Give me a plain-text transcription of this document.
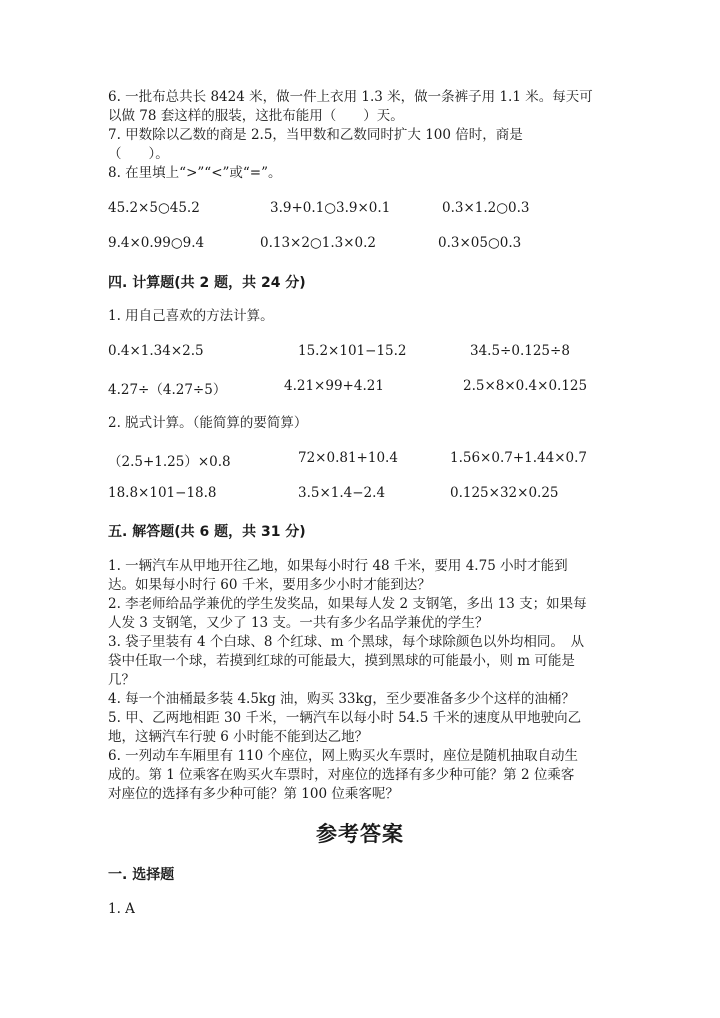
6. 一批布总共长 8424 米，做一件上衣用 1.3 米，做一条裤子用 1.1 米。每天可
以做 78 套这样的服装，这批布能用（　　）天。
7. 甲数除以乙数的商是 2.5，当甲数和乙数同时扩大 100 倍时，商是
（　　）。
8. 在里填上“>”“<”或“=”。
45.2×5○45.2	3.9+0.1○3.9×0.1	0.3×1.2○0.3
9.4×0.99○9.4	0.13×2○1.3×0.2	0.3×05○0.3
四. 计算题(共 2 题，共 24 分)
1. 用自己喜欢的方法计算。
0.4×1.34×2.5	15.2×101−15.2	34.5÷0.125÷8
4.27÷（4.27÷5）	4.21×99+4.21	2.5×8×0.4×0.125
2. 脱式计算。（能简算的要简算）
（2.5+1.25）×0.8	72×0.81+10.4	1.56×0.7+1.44×0.7
18.8×101−18.8	3.5×1.4−2.4	0.125×32×0.25
五. 解答题(共 6 题，共 31 分)
1. 一辆汽车从甲地开往乙地，如果每小时行 48 千米，要用 4.75 小时才能到
达。如果每小时行 60 千米，要用多少小时才能到达？
2. 李老师给品学兼优的学生发奖品，如果每人发 2 支钢笔，多出 13 支；如果每
人发 3 支钢笔，又少了 13 支。一共有多少名品学兼优的学生？
3. 袋子里装有 4 个白球、8 个红球、m 个黑球，每个球除颜色以外均相同。　从
袋中任取一个球，若摸到红球的可能最大，摸到黑球的可能最小，则 m 可能是
几？
4. 每一个油桶最多装 4.5kg 油，购买 33kg，至少要准备多少个这样的油桶？
5. 甲、乙两地相距 30 千米，一辆汽车以每小时 54.5 千米的速度从甲地驶向乙
地，这辆汽车行驶 6 小时能不能到达乙地？
6. 一列动车车厢里有 110 个座位，网上购买火车票时，座位是随机抽取自动生
成的。第 1 位乘客在购买火车票时，对座位的选择有多少种可能？第 2 位乘客
对座位的选择有多少种可能？第 100 位乘客呢？
参考答案
一. 选择题
1. A
